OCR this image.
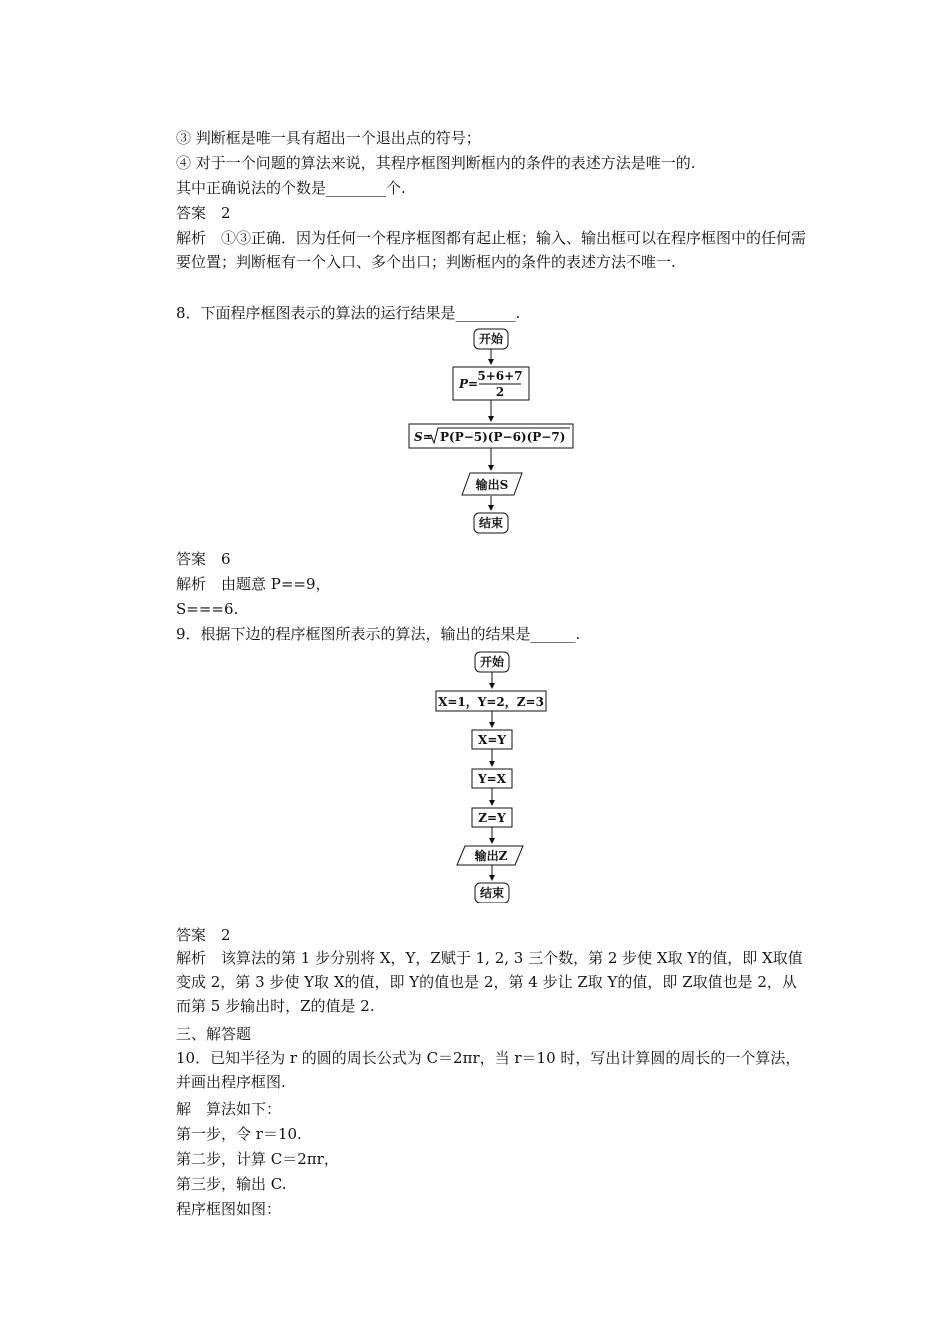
③ 判断框是唯一具有超出一个退出点的符号；
④ 对于一个问题的算法来说，其程序框图判断框内的条件的表述方法是唯一的.
其中正确说法的个数是________个.
答案　2
解析　①③正确．因为任何一个程序框图都有起止框；输入、输出框可以在程序框图中的任何需要位置；判断框有一个入口、多个出口；判断框内的条件的表述方法不唯一.
8．下面程序框图表示的算法的运行结果是________.
开始
P=
5+6+7
2
S= P(P−5)(P−6)(P−7)
输出S
结束
答案　6
解析　由题意 P==9，
S===6.
9．根据下边的程序框图所表示的算法，输出的结果是______.
开始
X=1，Y=2，Z=3
X=Y
Y=X
Z=Y
输出Z
结束
答案　2
解析　该算法的第 1 步分别将 X，Y，Z赋于 1, 2, 3 三个数，第 2 步使 X取 Y的值，即 X取值变成 2，第 3 步使 Y取 X的值，即 Y的值也是 2，第 4 步让 Z取 Y的值，即 Z取值也是 2，从而第 5 步输出时，Z的值是 2.
三、解答题
10．已知半径为 r 的圆的周长公式为 C＝2πr，当 r＝10 时，写出计算圆的周长的一个算法，并画出程序框图.
解　算法如下：
第一步，令 r＝10.
第二步，计算 C＝2πr，
第三步，输出 C.
程序框图如图：
